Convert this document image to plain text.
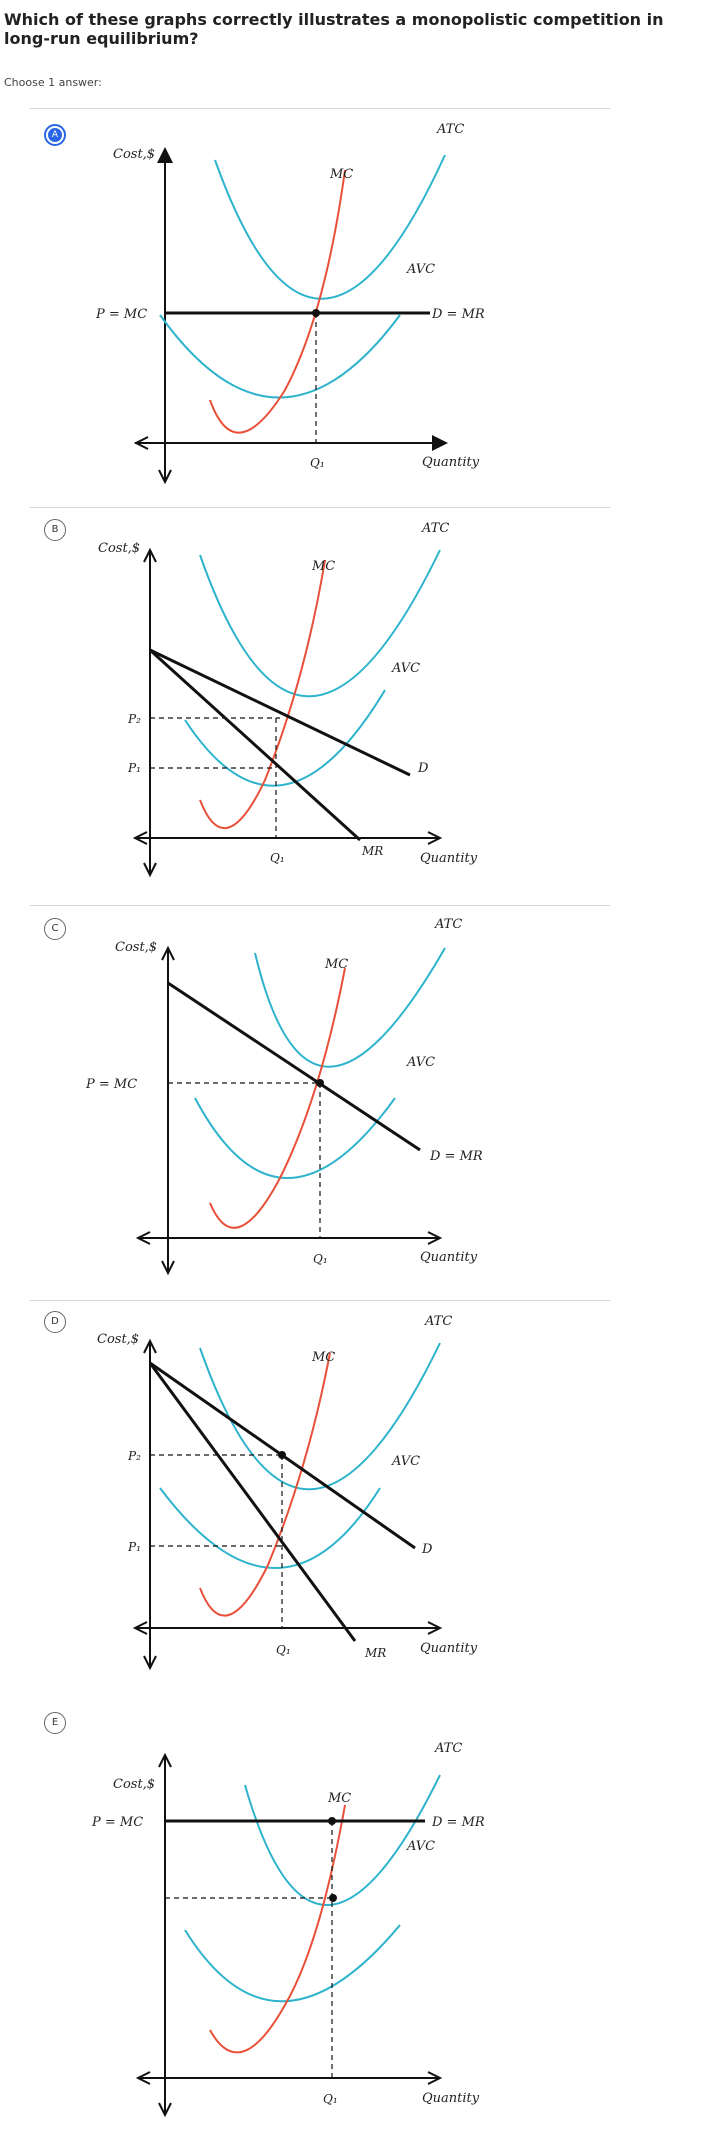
Which of these graphs correctly illustrates a monopolistic competition in long-run equilibrium?
Choose 1 answer:
A
Cost,$
P = MC
MC
ATC
AVC
D = MR
Q₁	Quantity
B
Cost,$
P₂
P₁
MC
ATC
AVC
D
MR
Q₁	Quantity
C
Cost,$
P = MC
MC
ATC
AVC
D = MR
Q₁	Quantity
D
Cost,$
P₂
P₁
MC
ATC
AVC
D
MR
Q₁	Quantity
E
Cost,$
P = MC
MC
ATC
AVC
D = MR
Q₁	Quantity
